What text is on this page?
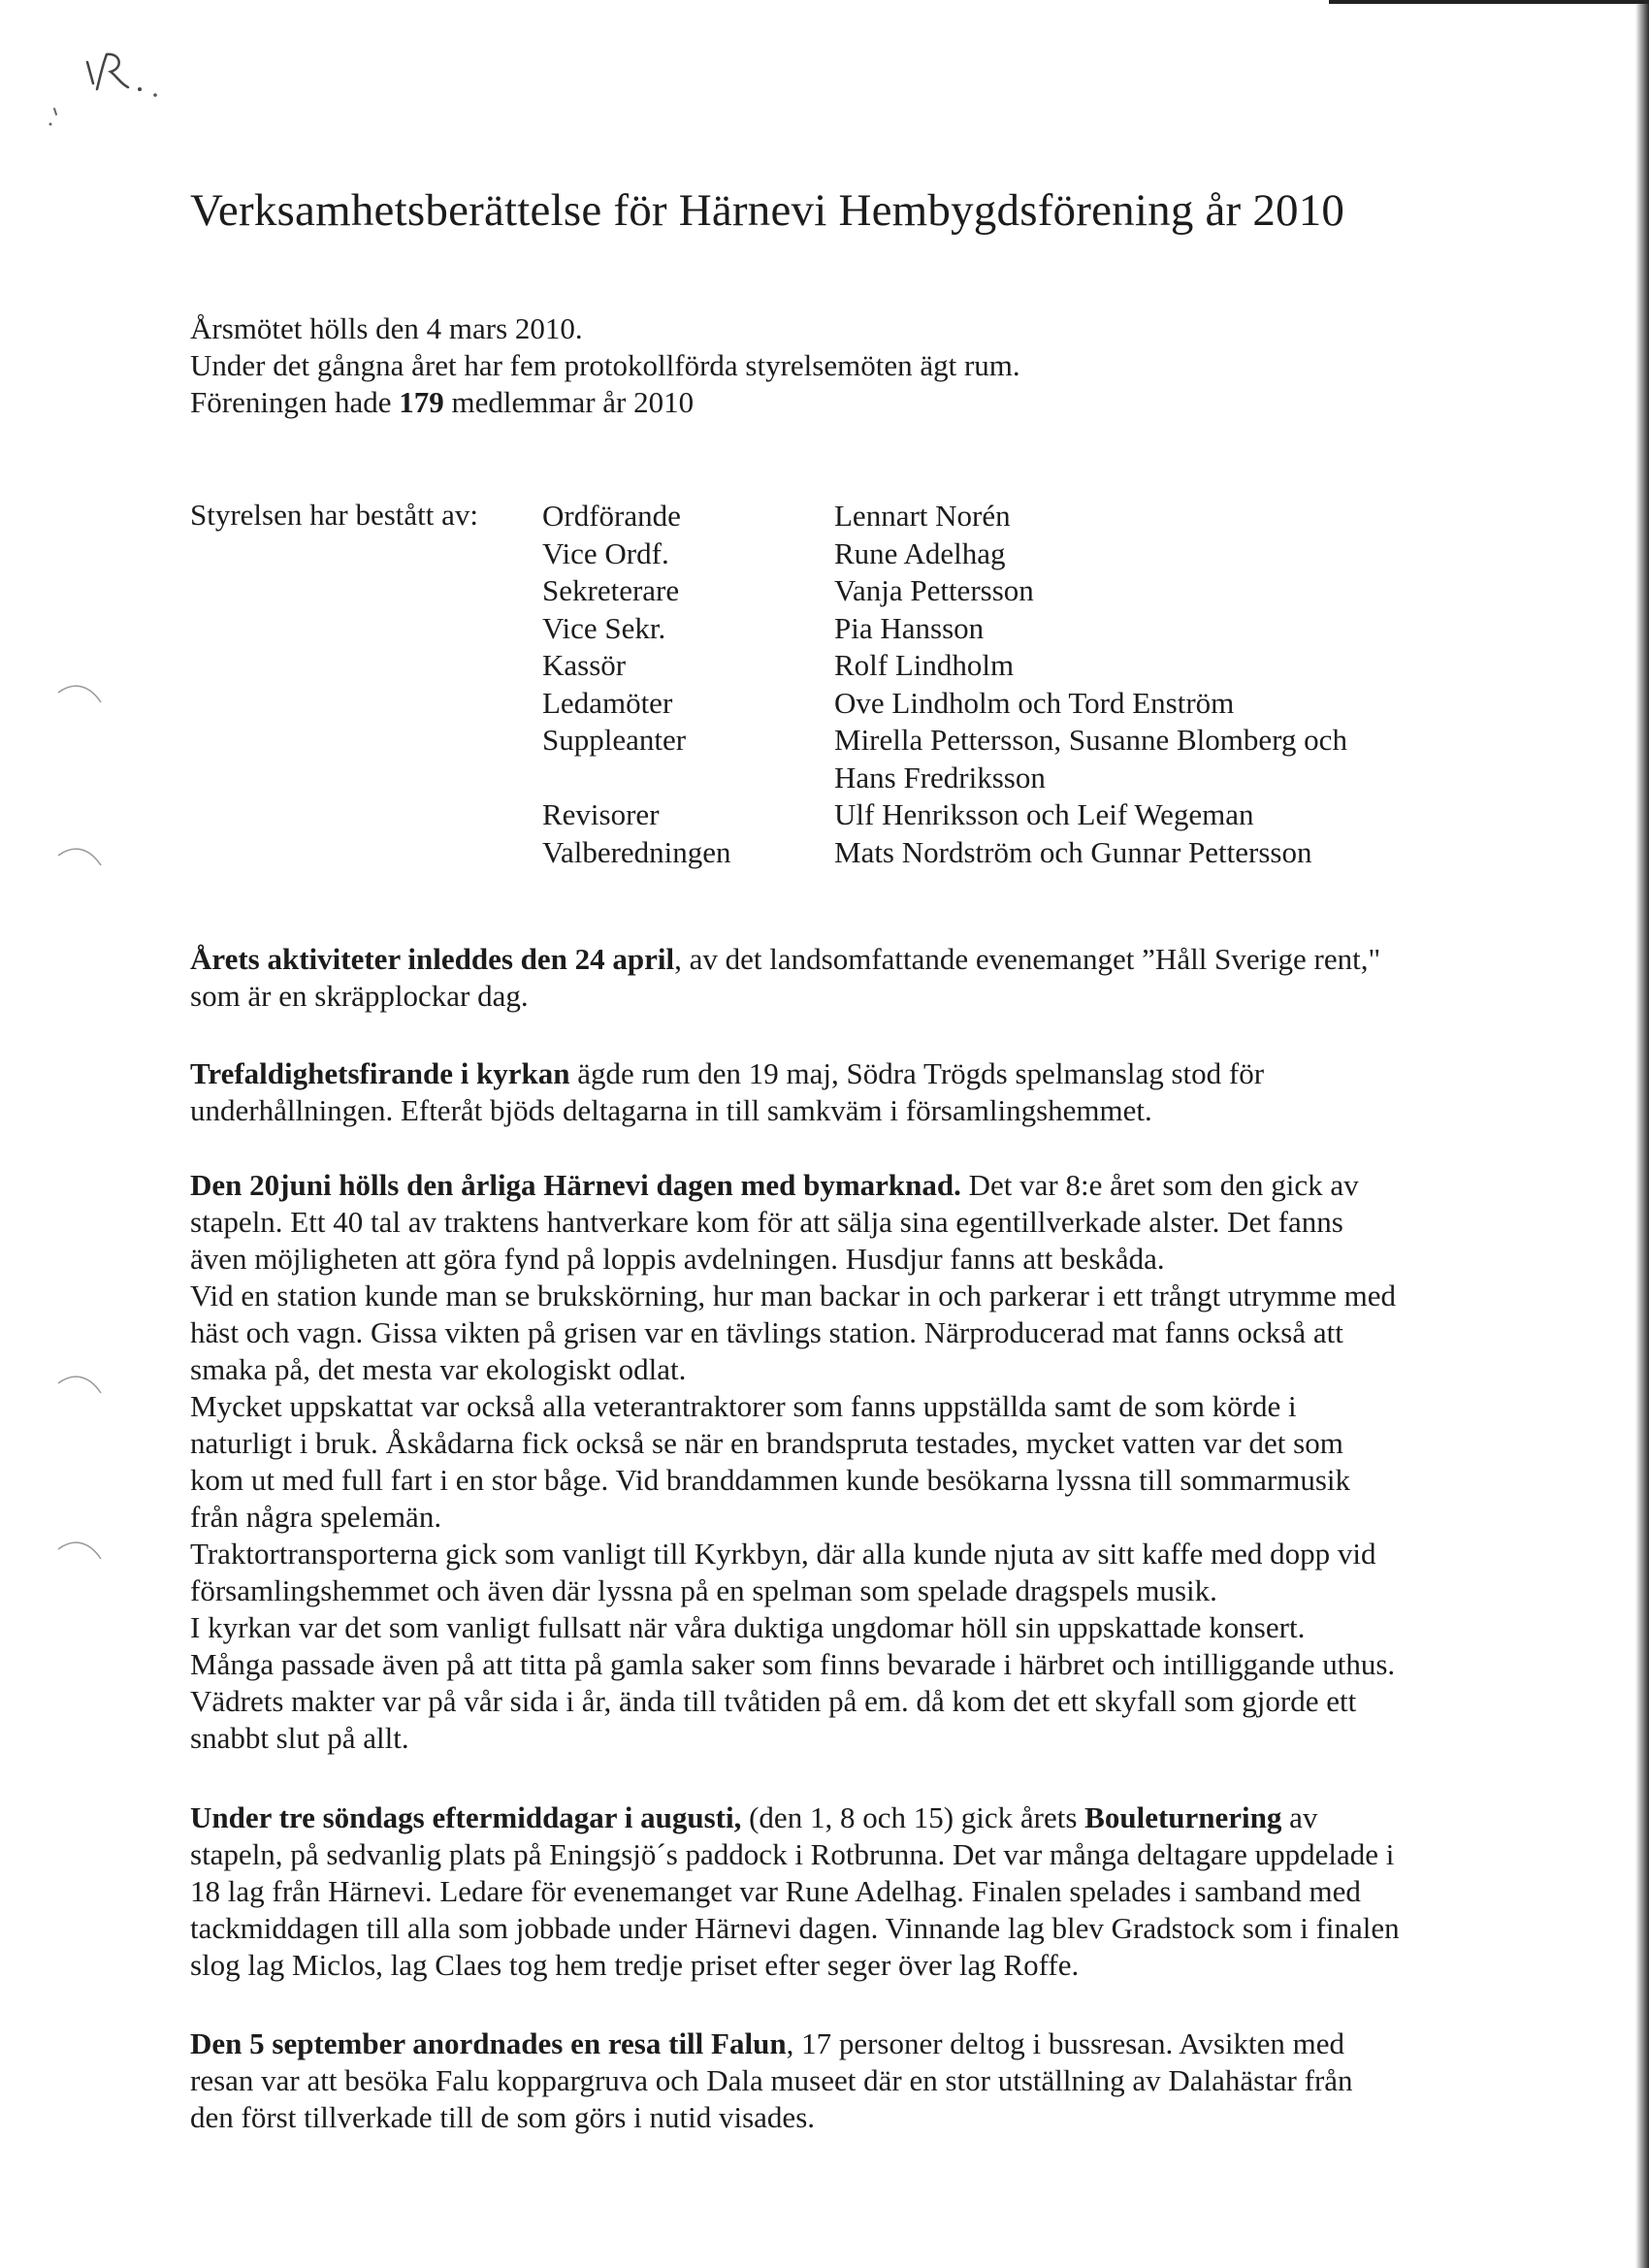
Verksamhetsberättelse för Härnevi Hembygdsförening år 2010
Årsmötet hölls den 4 mars 2010.
Under det gångna året har fem protokollförda styrelsemöten ägt rum.
Föreningen hade 179 medlemmar år 2010
Styrelsen har bestått av: Ordförande	Lennart Norén
Vice Ordf.	Rune Adelhag
Sekreterare	Vanja Pettersson
Vice Sekr.	Pia Hansson
Kassör	Rolf Lindholm
Ledamöter	Ove Lindholm och Tord Enström
Suppleanter	Mirella Pettersson, Susanne Blomberg och
Hans Fredriksson
Revisorer	Ulf Henriksson och Leif Wegeman
Valberedningen	Mats Nordström och Gunnar Pettersson
Årets aktiviteter inleddes den 24 april, av det landsomfattande evenemanget ”Håll Sverige rent,"
som är en skräpplockar dag.
Trefaldighetsfirande i kyrkan ägde rum den 19 maj, Södra Trögds spelmanslag stod för
underhållningen. Efteråt bjöds deltagarna in till samkväm i församlingshemmet.
Den 20juni hölls den årliga Härnevi dagen med bymarknad. Det var 8:e året som den gick av
stapeln. Ett 40 tal av traktens hantverkare kom för att sälja sina egentillverkade alster. Det fanns
även möjligheten att göra fynd på loppis avdelningen. Husdjur fanns att beskåda.
Vid en station kunde man se brukskörning, hur man backar in och parkerar i ett trångt utrymme med
häst och vagn. Gissa vikten på grisen var en tävlings station. Närproducerad mat fanns också att
smaka på, det mesta var ekologiskt odlat.
Mycket uppskattat var också alla veterantraktorer som fanns uppställda samt de som körde i
naturligt i bruk. Åskådarna fick också se när en brandspruta testades, mycket vatten var det som
kom ut med full fart i en stor båge. Vid branddammen kunde besökarna lyssna till sommarmusik
från några spelemän.
Traktortransporterna gick som vanligt till Kyrkbyn, där alla kunde njuta av sitt kaffe med dopp vid
församlingshemmet och även där lyssna på en spelman som spelade dragspels musik.
I kyrkan var det som vanligt fullsatt när våra duktiga ungdomar höll sin uppskattade konsert.
Många passade även på att titta på gamla saker som finns bevarade i härbret och intilliggande uthus.
Vädrets makter var på vår sida i år, ända till tvåtiden på em. då kom det ett skyfall som gjorde ett
snabbt slut på allt.
Under tre söndags eftermiddagar i augusti, (den 1, 8 och 15) gick årets Bouleturnering av
stapeln, på sedvanlig plats på Eningsjö´s paddock i Rotbrunna. Det var många deltagare uppdelade i
18 lag från Härnevi. Ledare för evenemanget var Rune Adelhag. Finalen spelades i samband med
tackmiddagen till alla som jobbade under Härnevi dagen. Vinnande lag blev Gradstock som i finalen
slog lag Miclos, lag Claes tog hem tredje priset efter seger över lag Roffe.
Den 5 september anordnades en resa till Falun, 17 personer deltog i bussresan. Avsikten med
resan var att besöka Falu koppargruva och Dala museet där en stor utställning av Dalahästar från
den först tillverkade till de som görs i nutid visades.
